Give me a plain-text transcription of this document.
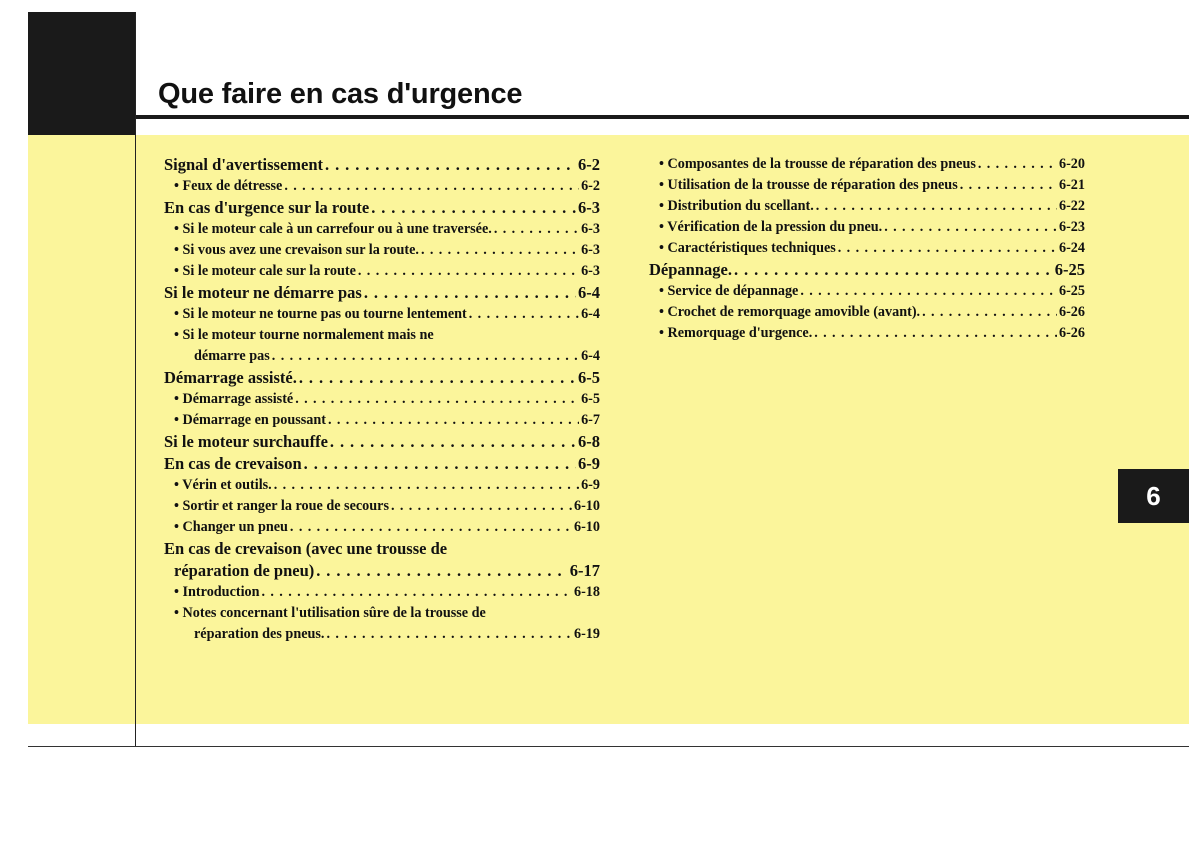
Que faire en cas d'urgence
6
Signal d'avertissement . . .	6-2
• Feux de détresse . . .	6-2
En cas d'urgence sur la route . . .	6-3
• Si le moteur cale à un carrefour ou à une traversée. . . .	6-3
• Si vous avez une crevaison sur la route. . . .	6-3
• Si le moteur cale sur la route . . .	6-3
Si le moteur ne démarre pas . . .	6-4
• Si le moteur ne tourne pas ou tourne lentement . . .	6-4
• Si le moteur tourne normalement mais ne
démarre pas . . .	6-4
Démarrage assisté. . . .	6-5
• Démarrage assisté . . .	6-5
• Démarrage en poussant . . .	6-7
Si le moteur surchauffe . . .	6-8
En cas de crevaison . . .	6-9
• Vérin et outils. . . .	6-9
• Sortir et ranger la roue de secours . . .	6-10
• Changer un pneu . . .	6-10
En cas de crevaison (avec une trousse de
réparation de pneu) . . .	6-17
• Introduction . . .	6-18
• Notes concernant l'utilisation sûre de la trousse de
réparation des pneus. . . .	6-19
• Composantes de la trousse de réparation des pneus . . .	6-20
• Utilisation de la trousse de réparation des pneus . . .	6-21
• Distribution du scellant. . . .	6-22
• Vérification de la pression du pneu. . . .	6-23
• Caractéristiques techniques . . .	6-24
Dépannage. . . .	6-25
• Service de dépannage . . .	6-25
• Crochet de remorquage amovible (avant). . . .	6-26
• Remorquage d'urgence. . . .	6-26
